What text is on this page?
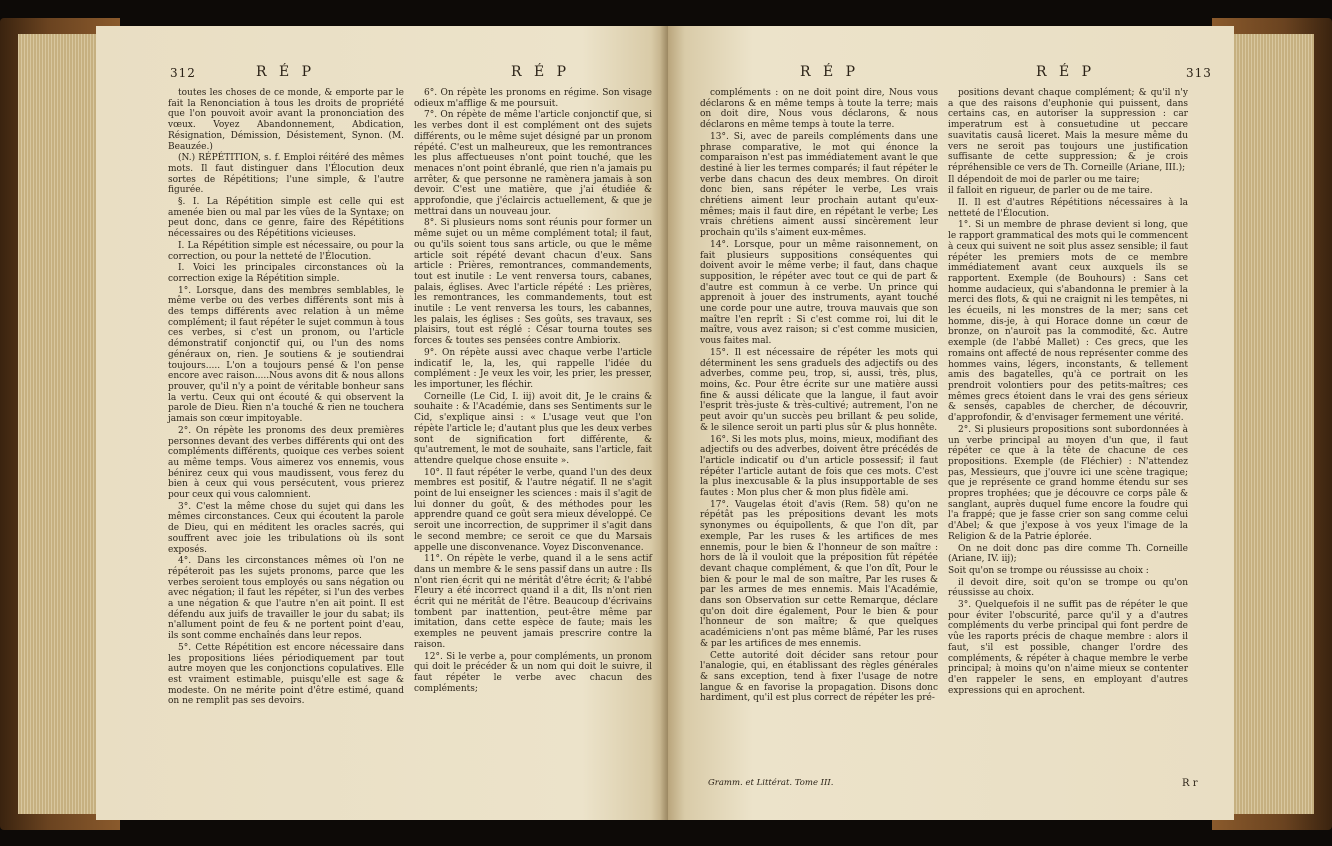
312	R É P	R É P

toutes les choses de ce monde, & emporte par le fait la Renonciation à tous les droits de propriété que l'on pouvoit avoir avant la prononciation des vœux. Voyez Abandonnement, Abdication, Résignation, Démission, Désistement, Synon. (M. Beauzée.)

(N.) RÉPÉTITION, s. f. Emploi réitéré des mêmes mots. Il faut distinguer dans l'Élocution deux sortes de Répétitions; l'une simple, & l'autre figurée.

§. I. La Répétition simple est celle qui est amenée bien ou mal par les vûes de la Syntaxe; on peut donc, dans ce genre, faire des Répétitions nécessaires ou des Répétitions vicieuses.

I. La Répétition simple est nécessaire, ou pour la correction, ou pour la netteté de l'Élocution.

I. Voici les principales circonstances où la correction exige la Répétition simple.

1°. Lorsque, dans des membres semblables, le même verbe ou des verbes différents sont mis à des temps différents avec relation à un même complément; il faut répéter le sujet commun à tous ces verbes, si c'est un pronom, ou l'article démonstratif conjonctif qui, ou l'un des noms généraux on, rien. Je soutiens & je soutiendrai toujours..... L'on a toujours pensé & l'on pense encore avec raison.....Nous avons dit & nous allons prouver, qu'il n'y a point de véritable bonheur sans la vertu. Ceux qui ont écouté & qui observent la parole de Dieu. Rien n'a touché & rien ne touchera jamais son cœur impitoyable.

2°. On répète les pronoms des deux premières personnes devant des verbes différents qui ont des compléments différents, quoique ces verbes soient au même temps. Vous aimerez vos ennemis, vous bénirez ceux qui vous maudissent, vous ferez du bien à ceux qui vous persécutent, vous prierez pour ceux qui vous calomnient.

3°. C'est la même chose du sujet qui dans les mêmes circonstances. Ceux qui écoutent la parole de Dieu, qui en méditent les oracles sacrés, qui souffrent avec joie les tribulations où ils sont exposés.

4°. Dans les circonstances mêmes où l'on ne répéteroit pas les sujets pronoms, parce que les verbes seroient tous employés ou sans négation ou avec négation; il faut les répéter, si l'un des verbes a une négation & que l'autre n'en ait point. Il est défendu aux juifs de travailler le jour du sabat; ils n'allument point de feu & ne portent point d'eau, ils sont comme enchaînés dans leur repos.

5°. Cette Répétition est encore nécessaire dans les propositions liées périodiquement par tout autre moyen que les conjonctions copulatives. Elle est vraiment estimable, puisqu'elle est sage & modeste. On ne mérite point d'être estimé, quand on ne remplit pas ses devoirs.

6°. On répète les pronoms en régime. Son visage odieux m'afflige & me poursuit.

7°. On répète de même l'article conjonctif que, si les verbes dont il est complément ont des sujets différents, ou le même sujet désigné par un pronom répété. C'est un malheureux, que les remontrances les plus affectueuses n'ont point touché, que les menaces n'ont point ébranlé, que rien n'a jamais pu arrêter, & que personne ne ramènera jamais à son devoir. C'est une matière, que j'ai étudiée & approfondie, que j'éclaircis actuellement, & que je mettrai dans un nouveau jour.

8°. Si plusieurs noms sont réunis pour former un même sujet ou un même complément total; il faut, ou qu'ils soient tous sans article, ou que le même article soit répété devant chacun d'eux. Sans article : Prières, remontrances, commandements, tout est inutile : Le vent renversa tours, cabanes, palais, églises. Avec l'article répété : Les prières, les remontrances, les commandements, tout est inutile : Le vent renversa les tours, les cabannes, les palais, les églises : Ses goûts, ses travaux, ses plaisirs, tout est réglé : César tourna toutes ses forces & toutes ses pensées contre Ambiorix.

9°. On répète aussi avec chaque verbe l'article indicatif le, la, les, qui rappelle l'idée du complément : Je veux les voir, les prier, les presser, les importuner, les fléchir.

Corneille (Le Cid, I. iij) avoit dit, Je le crains & souhaite : & l'Académie, dans ses Sentiments sur le Cid, s'explique ainsi : « L'usage veut que l'on répète l'article le; d'autant plus que les deux verbes sont de signification fort différente, & qu'autrement, le mot de souhaite, sans l'article, fait attendre quelque chose ensuite ».

10°. Il faut répéter le verbe, quand l'un des deux membres est positif, & l'autre négatif. Il ne s'agit point de lui enseigner les sciences : mais il s'agit de lui donner du goût, & des méthodes pour les apprendre quand ce goût sera mieux développé. Ce seroit une incorrection, de supprimer il s'agit dans le second membre; ce seroit ce que du Marsais appelle une disconvenance. Voyez Disconvenance.

11°. On répète le verbe, quand il a le sens actif dans un membre & le sens passif dans un autre : Ils n'ont rien écrit qui ne méritât d'être écrit; & l'abbé Fleury a été incorrect quand il a dit, Ils n'ont rien écrit qui ne méritât de l'être. Beaucoup d'écrivains tombent par inattention, peut-être même par imitation, dans cette espèce de faute; mais les exemples ne peuvent jamais prescrire contre la raison.

12°. Si le verbe a, pour compléments, un pronom qui doit le précéder & un nom qui doit le suivre, il faut répéter le verbe avec chacun des compléments;

R É P	R É P	313

compléments : on ne doit point dire, Nous vous déclarons & en même temps à toute la terre; mais on doit dire, Nous vous déclarons, & nous déclarons en même temps à toute la terre.

13°. Si, avec de pareils compléments dans une phrase comparative, le mot qui énonce la comparaison n'est pas immédiatement avant le que destiné à lier les termes comparés; il faut répéter le verbe dans chacun des deux membres. On diroit donc bien, sans répéter le verbe, Les vrais chrétiens aiment leur prochain autant qu'eux-mêmes; mais il faut dire, en répétant le verbe; Les vrais chrétiens aiment aussi sincèrement leur prochain qu'ils s'aiment eux-mêmes.

14°. Lorsque, pour un même raisonnement, on fait plusieurs suppositions conséquentes qui doivent avoir le même verbe; il faut, dans chaque supposition, le répéter avec tout ce qui de part & d'autre est commun à ce verbe. Un prince qui apprenoit à jouer des instruments, ayant touché une corde pour une autre, trouva mauvais que son maître l'en reprît : Si c'est comme roi, lui dit le maître, vous avez raison; si c'est comme musicien, vous faites mal.

15°. Il est nécessaire de répéter les mots qui déterminent les sens graduels des adjectifs ou des adverbes, comme peu, trop, si, aussi, très, plus, moins, &c. Pour être écrite sur une matière aussi fine & aussi délicate que la langue, il faut avoir l'esprit très-juste & très-cultivé; autrement, l'on ne peut avoir qu'un succès peu brillant & peu solide, & le silence seroit un parti plus sûr & plus honnête.

16°. Si les mots plus, moins, mieux, modifiant des adjectifs ou des adverbes, doivent être précédés de l'article indicatif ou d'un article possessif; il faut répéter l'article autant de fois que ces mots. C'est la plus inexcusable & la plus insupportable de ses fautes : Mon plus cher & mon plus fidèle ami.

17°. Vaugelas étoit d'avis (Rem. 58) qu'on ne répétât pas les prépositions devant les mots synonymes ou équipollents, & que l'on dît, par exemple, Par les ruses & les artifices de mes ennemis, pour le bien & l'honneur de son maître : hors de là il vouloit que la préposition fût répétée devant chaque complément, & que l'on dît, Pour le bien & pour le mal de son maître, Par les ruses & par les armes de mes ennemis. Mais l'Académie, dans son Observation sur cette Remarque, déclare qu'on doit dire également, Pour le bien & pour l'honneur de son maître; & que quelques académiciens n'ont pas même blâmé, Par les ruses & par les artifices de mes ennemis.

Cette autorité doit décider sans retour pour l'analogie, qui, en établissant des règles générales & sans exception, tend à fixer l'usage de notre langue & en favorise la propagation. Disons donc hardiment, qu'il est plus correct de répéter les pré-

positions devant chaque complément; & qu'il n'y a que des raisons d'euphonie qui puissent, dans certains cas, en autoriser la suppression : car imperatrum est à consuetudine ut peccare suavitatis causâ liceret. Mais la mesure même du vers ne seroit pas toujours une justification suffisante de cette suppression; & je crois répréhensible ce vers de Th. Corneille (Ariane, III.);

Il dépendoit de moi de parler ou me taire;

il falloit en rigueur, de parler ou de me taire.

II. Il est d'autres Répétitions nécessaires à la netteté de l'Élocution.

1°. Si un membre de phrase devient si long, que le rapport grammatical des mots qui le commencent à ceux qui suivent ne soit plus assez sensible; il faut répéter les premiers mots de ce membre immédiatement avant ceux auxquels ils se rapportent. Exemple (de Bouhours) : Sans cet homme audacieux, qui s'abandonna le premier à la merci des flots, & qui ne craignit ni les tempêtes, ni les écueils, ni les monstres de la mer; sans cet homme, dis-je, à qui Horace donne un cœur de bronze, on n'auroit pas la commodité, &c. Autre exemple (de l'abbé Mallet) : Ces grecs, que les romains ont affecté de nous représenter comme des hommes vains, légers, inconstants, & tellement amis des bagatelles, qu'à ce portrait on les prendroit volontiers pour des petits-maîtres; ces mêmes grecs étoient dans le vrai des gens sérieux & sensés, capables de chercher, de découvrir, d'approfondir, & d'envisager fermement une vérité.

2°. Si plusieurs propositions sont subordonnées à un verbe principal au moyen d'un que, il faut répéter ce que à la tête de chacune de ces propositions. Exemple (de Fléchier) : N'attendez pas, Messieurs, que j'ouvre ici une scène tragique; que je représente ce grand homme étendu sur ses propres trophées; que je découvre ce corps pâle & sanglant, auprès duquel fume encore la foudre qui l'a frappé; que je fasse crier son sang comme celui d'Abel; & que j'expose à vos yeux l'image de la Religion & de la Patrie éplorée.

On ne doit donc pas dire comme Th. Corneille (Ariane, IV. iij);

Soit qu'on se trompe ou réussisse au choix :

il devoit dire, soit qu'on se trompe ou qu'on réussisse au choix.

3°. Quelquefois il ne suffit pas de répéter le que pour éviter l'obscurité, parce qu'il y a d'autres compléments du verbe principal qui font perdre de vûe les raports précis de chaque membre : alors il faut, s'il est possible, changer l'ordre des compléments, & répéter à chaque membre le verbe principal; à moins qu'on n'aime mieux se contenter d'en rappeler le sens, en employant d'autres expressions qui en aprochent.

Gramm. et Littérat. Tome III.	R r
